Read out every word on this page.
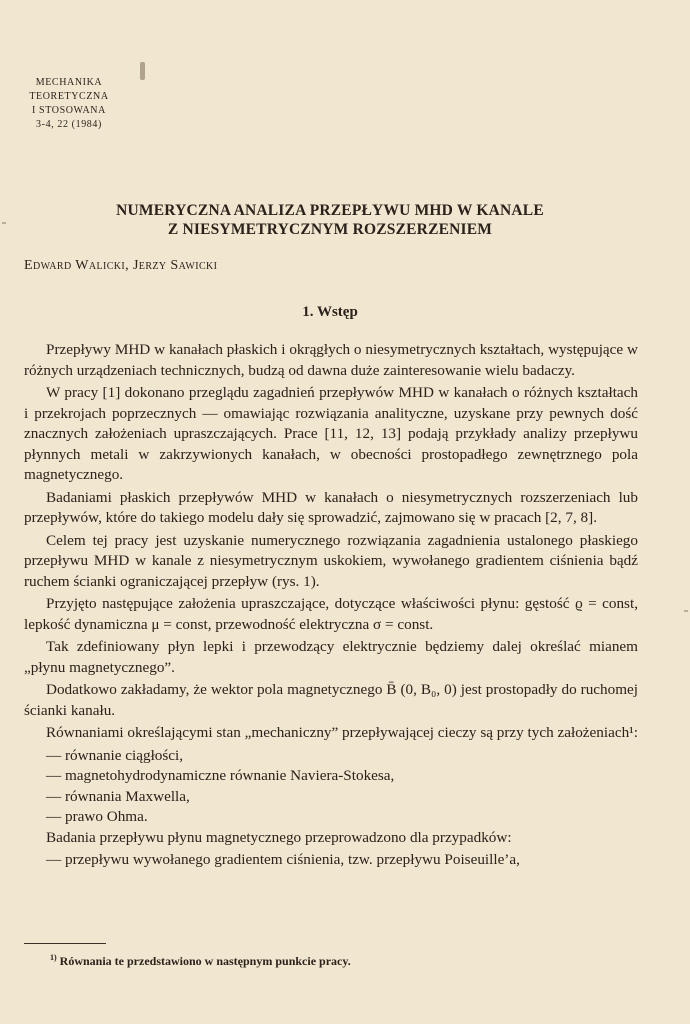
MECHANIKA
TEORETYCZNA
I STOSOWANA
3-4, 22 (1984)
NUMERYCZNA ANALIZA PRZEPŁYWU MHD W KANALE
Z NIESYMETRYCZNYM ROZSZERZENIEM
Edward Walicki, Jerzy Sawicki
1. Wstęp

Przepływy MHD w kanałach płaskich i okrągłych o niesymetrycznych kształtach, występujące w różnych urządzeniach technicznych, budzą od dawna duże zainteresowanie wielu badaczy.

W pracy [1] dokonano przeglądu zagadnień przepływów MHD w kanałach o różnych kształtach i przekrojach poprzecznych — omawiając rozwiązania analityczne, uzyskane przy pewnych dość znacznych założeniach upraszczających. Prace [11, 12, 13] podają przykłady analizy przepływu płynnych metali w zakrzywionych kanałach, w obecności prostopadłego zewnętrznego pola magnetycznego.

Badaniami płaskich przepływów MHD w kanałach o niesymetrycznych rozszerzeniach lub przepływów, które do takiego modelu dały się sprowadzić, zajmowano się w pracach [2, 7, 8].

Celem tej pracy jest uzyskanie numerycznego rozwiązania zagadnienia ustalonego płaskiego przepływu MHD w kanale z niesymetrycznym uskokiem, wywołanego gradientem ciśnienia bądź ruchem ścianki ograniczającej przepływ (rys. 1).

Przyjęto następujące założenia upraszczające, dotyczące właściwości płynu: gęstość ϱ = const, lepkość dynamiczna μ = const, przewodność elektryczna σ = const.

Tak zdefiniowany płyn lepki i przewodzący elektrycznie będziemy dalej określać mianem „płynu magnetycznego”.

Dodatkowo zakładamy, że wektor pola magnetycznego B̄ (0, B₀, 0) jest prostopadły do ruchomej ścianki kanału.

Równaniami określającymi stan „mechaniczny” przepływającej cieczy są przy tych założeniach¹:

— równanie ciągłości,
— magnetohydrodynamiczne równanie Naviera-Stokesa,
— równania Maxwella,
— prawo Ohma.

Badania przepływu płynu magnetycznego przeprowadzono dla przypadków:

— przepływu wywołanego gradientem ciśnienia, tzw. przepływu Poiseuille’a,
$^{1)}$ Równania te przedstawiono w następnym punkcie pracy.
